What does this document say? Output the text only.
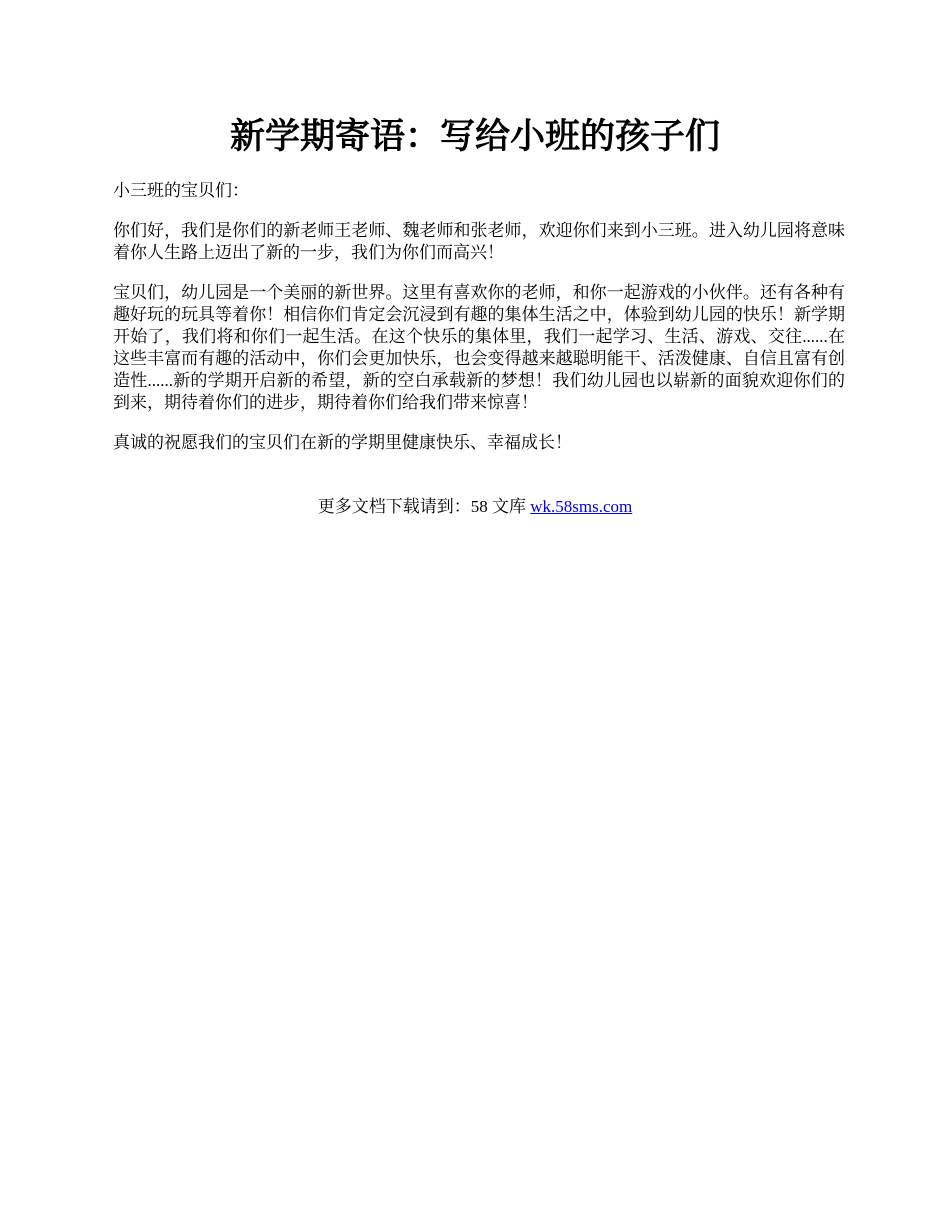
新学期寄语：写给小班的孩子们

小三班的宝贝们：

你们好，我们是你们的新老师王老师、魏老师和张老师，欢迎你们来到小三班。进入幼儿园将意味着你人生路上迈出了新的一步，我们为你们而高兴！

宝贝们，幼儿园是一个美丽的新世界。这里有喜欢你的老师，和你一起游戏的小伙伴。还有各种有趣好玩的玩具等着你！相信你们肯定会沉浸到有趣的集体生活之中，体验到幼儿园的快乐！新学期开始了，我们将和你们一起生活。在这个快乐的集体里，我们一起学习、生活、游戏、交往......在这些丰富而有趣的活动中，你们会更加快乐，也会变得越来越聪明能干、活泼健康、自信且富有创造性......新的学期开启新的希望，新的空白承载新的梦想！我们幼儿园也以崭新的面貌欢迎你们的到来，期待着你们的进步，期待着你们给我们带来惊喜！

真诚的祝愿我们的宝贝们在新的学期里健康快乐、幸福成长！

更多文档下载请到：58 文库 wk.58sms.com
